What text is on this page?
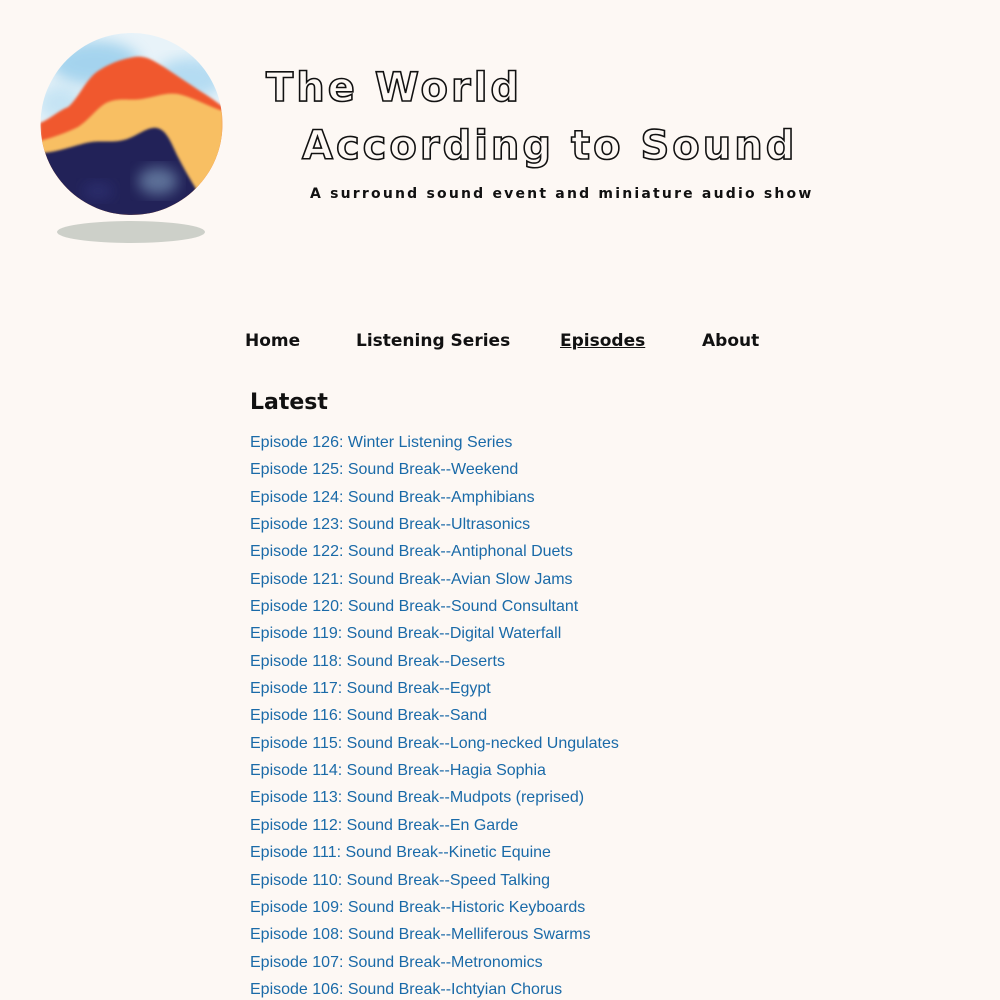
The World
According to Sound

A surround sound event and miniature audio show

Home	Listening Series	Episodes	About
Latest
Episode 126: Winter Listening Series
Episode 125: Sound Break--Weekend
Episode 124: Sound Break--Amphibians
Episode 123: Sound Break--Ultrasonics
Episode 122: Sound Break--Antiphonal Duets
Episode 121: Sound Break--Avian Slow Jams
Episode 120: Sound Break--Sound Consultant
Episode 119: Sound Break--Digital Waterfall
Episode 118: Sound Break--Deserts
Episode 117: Sound Break--Egypt
Episode 116: Sound Break--Sand
Episode 115: Sound Break--Long-necked Ungulates
Episode 114: Sound Break--Hagia Sophia
Episode 113: Sound Break--Mudpots (reprised)
Episode 112: Sound Break--En Garde
Episode 111: Sound Break--Kinetic Equine
Episode 110: Sound Break--Speed Talking
Episode 109: Sound Break--Historic Keyboards
Episode 108: Sound Break--Melliferous Swarms
Episode 107: Sound Break--Metronomics
Episode 106: Sound Break--Ichtyian Chorus
